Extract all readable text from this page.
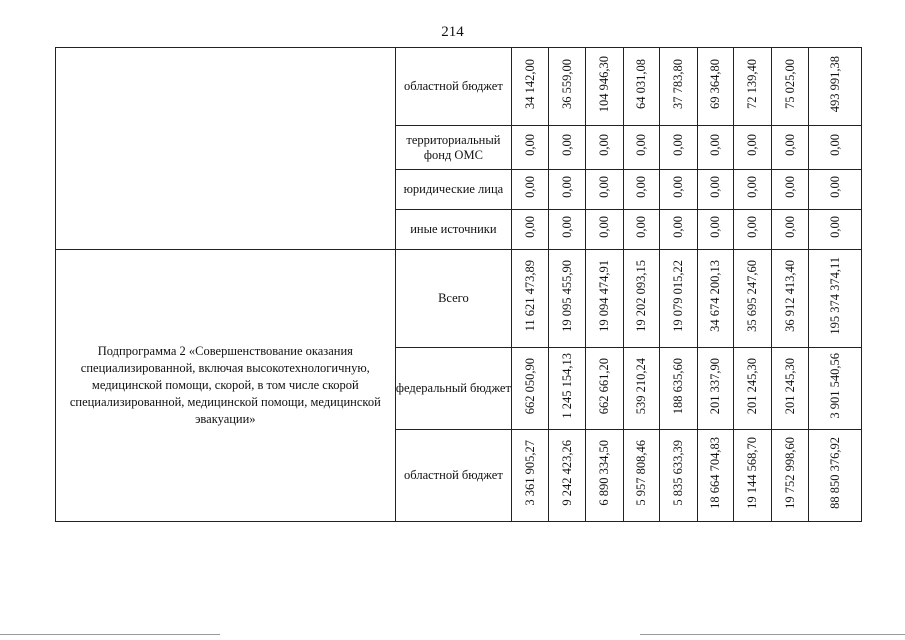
214
	областной бюджет	34 142,00	36 559,00	104 946,30	64 031,08	37 783,80	69 364,80	72 139,40	75 025,00	493 991,38
	территориальный фонд ОМС	0,00	0,00	0,00	0,00	0,00	0,00	0,00	0,00	0,00
	юридические лица	0,00	0,00	0,00	0,00	0,00	0,00	0,00	0,00	0,00
	иные источники	0,00	0,00	0,00	0,00	0,00	0,00	0,00	0,00	0,00

Подпрограмма 2 «Совершенствование оказания специализированной, включая высокотехнологичную, медицинской помощи, скорой, в том числе скорой специализированной, медицинской помощи, медицинской эвакуации»	Всего	11 621 473,89	19 095 455,90	19 094 474,91	19 202 093,15	19 079 015,22	34 674 200,13	35 695 247,60	36 912 413,40	195 374 374,11
	федеральный бюджет	662 050,90	1 245 154,13	662 661,20	539 210,24	188 635,60	201 337,90	201 245,30	201 245,30	3 901 540,56
	областной бюджет	3 361 905,27	9 242 423,26	6 890 334,50	5 957 808,46	5 835 633,39	18 664 704,83	19 144 568,70	19 752 998,60	88 850 376,92
